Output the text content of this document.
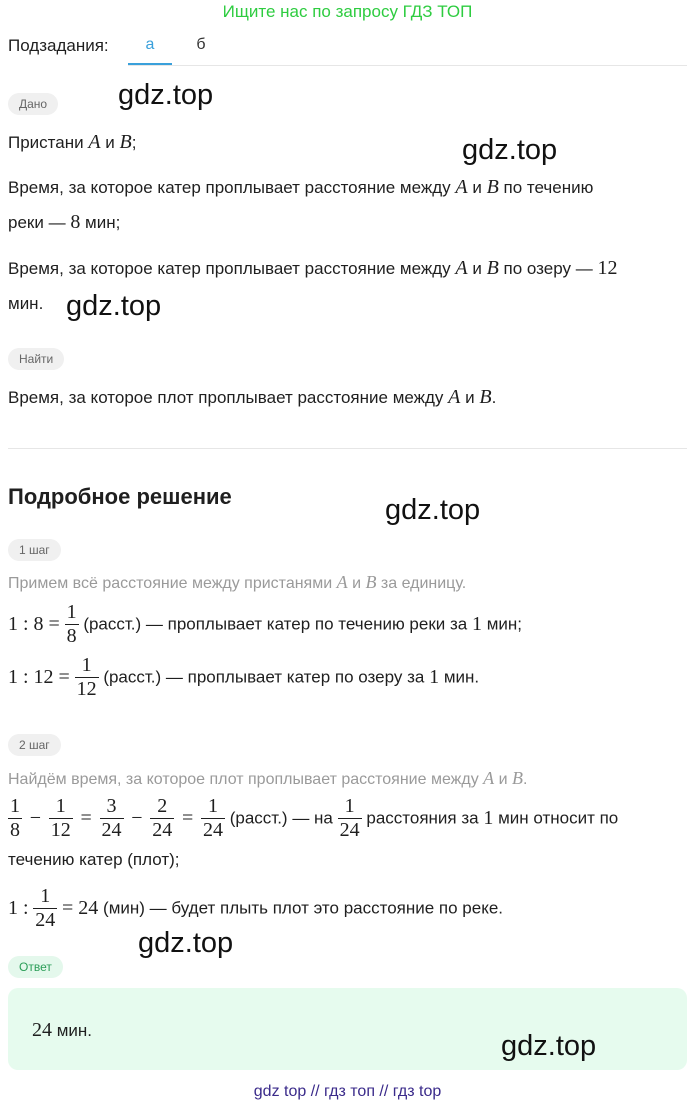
Ищите нас по запросу ГДЗ ТОП
Подзадания:	а	б
Дано
Пристани A и B;
Время, за которое катер проплывает расстояние между A и B по течению
реки — 8 мин;
Время, за которое катер проплывает расстояние между A и B по озеру — 12
мин.
Найти
Время, за которое плот проплывает расстояние между A и B.
Подробное решение
1 шаг
Примем всё расстояние между пристанями A и B за единицу.
1 : $8 = \frac{1}{8}$ (расст.) — проплывает катер по течению реки за 1 мин;
1 : $12 = \frac{1}{12}$ (расст.) — проплывает катер по озеру за 1 мин.
2 шаг
Найдём время, за которое плот проплывает расстояние между A и B.
$\frac{1}{8} - \frac{1}{12} = \frac{3}{24} - \frac{2}{24} = \frac{1}{24}$ (расст.) — на $\frac{1}{24}$ расстояния за 1 мин относит по
течению катер (плот);
1 : $\frac{1}{24} = 24$ (мин) — будет плыть плот это расстояние по реке.
Ответ
24 мин.
gdz.top
gdz.top
gdz.top
gdz.top
gdz.top
gdz.top
gdz top // гдз топ // гдз top
